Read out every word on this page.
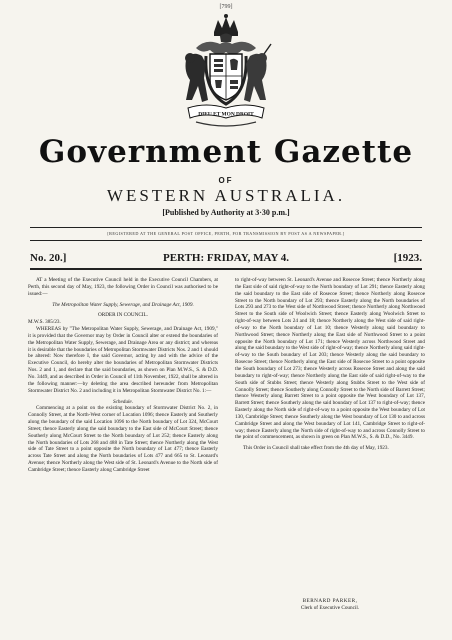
[799]
DIEU ET MON DROIT
Government Gazette
OF
WESTERN AUSTRALIA.
[Published by Authority at 3·30 p.m.]
[REGISTERED AT THE GENERAL POST OFFICE, PERTH, FOR TRANSMISSION BY POST AS A NEWSPAPER.]
No. 20.]	PERTH: FRIDAY, MAY 4.	[1923.

AT a Meeting of the Executive Council held in the Executive Council Chambers, at Perth, this second day of May, 1923, the following Order in Council was authorised to be issued:—

The Metropolitan Water Supply, Sewerage, and Drainage Act, 1909.

ORDER IN COUNCIL.

M.W.S. 385/23.

WHEREAS by "The Metropolitan Water Supply, Sewerage, and Drainage Act, 1909," it is provided that the Governor may by Order in Council alter or extend the boundaries of the Metropolitan Water Supply, Sewerage, and Drainage Area or any district; and whereas it is desirable that the boundaries of Metropolitan Stormwater Districts Nos. 2 and 1 should be altered: Now therefore I, the said Governor, acting by and with the advice of the Executive Council, do hereby alter the boundaries of Metropolitan Stormwater Districts Nos. 2 and 1, and declare that the said boundaries, as shown on Plan M.W.S., S. & D.D. No. 3449, and as described in Order in Council of 11th November, 1922, shall be altered in the following manner:—by deleting the area described hereunder from Metropolitan Stormwater District No. 2 and including it in Metropolitan Stormwater District No. 1:—

Schedule.

Commencing at a point on the existing boundary of Stormwater District No. 2, in Connolly Street, at the North-West corner of Location 1096; thence Easterly and Southerly along the boundary of the said Location 1096 to the North boundary of Lot 324, McCourt Street; thence Easterly along the said boundary to the East side of McCourt Street; thence Southerly along McCourt Street to the North boundary of Lot 252; thence Easterly along the North boundaries of Lots 268 and 488 in Tate Street; thence Northerly along the West side of Tate Street to a point opposite the North boundary of Lot 477; thence Easterly across Tate Street and along the North boundaries of Lots 477 and 665 to St. Leonard's Avenue; thence Northerly along the West side of St. Leonard's Avenue to the North side of Cambridge Street; thence Easterly along Cambridge Street

to right-of-way between St. Leonard's Avenue and Rosecoe Street; thence Northerly along the East side of said right-of-way to the North boundary of Lot 291; thence Easterly along the said boundary to the East side of Rosecoe Street; thence Northerly along Rosecoe Street to the North boundary of Lot 293; thence Easterly along the North boundaries of Lots 293 and 273 to the West side of Northwood Street; thence Northerly along Northwood Street to the South side of Woolwich Street; thence Easterly along Woolwich Street to right-of-way between Lots 24 and 18; thence Northerly along the West side of said right-of-way to the North boundary of Lot 10; thence Westerly along said boundary to Northwood Street; thence Northerly along the East side of Northwood Street to a point opposite the North boundary of Lot 171; thence Westerly across Northwood Street and along the said boundary to the West side of right-of-way; thence Northerly along said right-of-way to the South boundary of Lot 203; thence Westerly along the said boundary to Rosecoe Street; thence Northerly along the East side of Rosecoe Street to a point opposite the South boundary of Lot 273; thence Westerly across Rosecoe Street and along the said boundary to right-of-way; thence Northerly along the East side of said right-of-way to the South side of Stubbs Street; thence Westerly along Stubbs Street to the West side of Connolly Street; thence Southerly along Connolly Street to the North side of Barrett Street; thence Westerly along Barrett Street to a point opposite the West boundary of Lot 137, Barrett Street; thence Southerly along the said boundary of Lot 137 to right-of-way; thence Easterly along the North side of right-of-way to a point opposite the West boundary of Lot 130, Cambridge Street; thence Southerly along the West boundary of Lot 130 to and across Cambridge Street and along the West boundary of Lot 141, Cambridge Street to right-of-way; thence Easterly along the North side of right-of-way to and across Connolly Street to the point of commencement, as shown in green on Plan M.W.S., S. & D.D., No. 3449.

This Order in Council shall take effect from the 4th day of May, 1923.

BERNARD PARKER,
Clerk of Executive Council.
